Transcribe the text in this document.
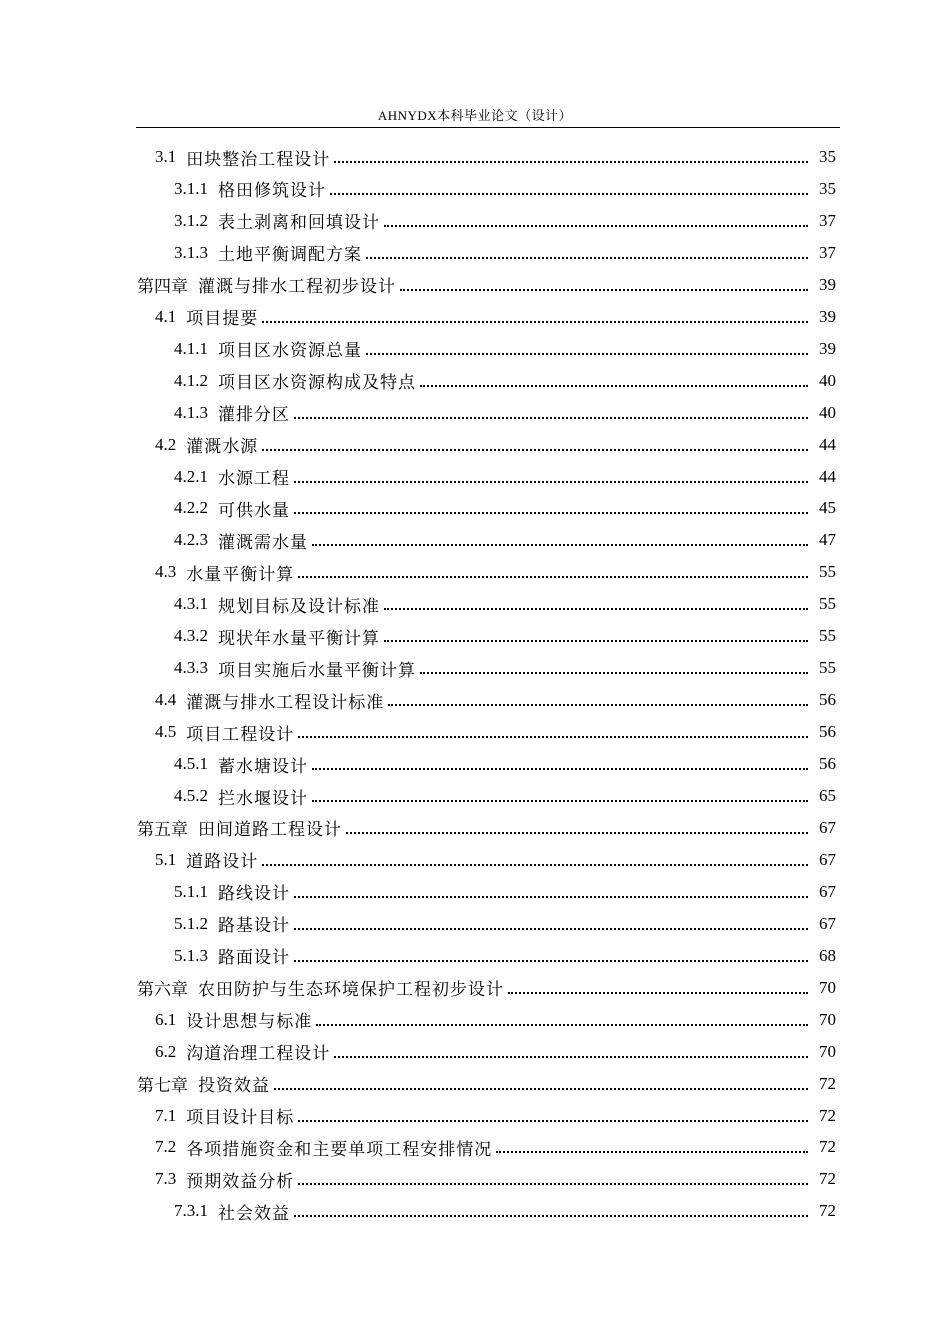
AHNYDX本科毕业论文（设计）
3.1 田块整治工程设计	35
3.1.1 格田修筑设计	35
3.1.2 表土剥离和回填设计	37
3.1.3 土地平衡调配方案	37
第四章 灌溉与排水工程初步设计	39
4.1 项目提要	39
4.1.1 项目区水资源总量	39
4.1.2 项目区水资源构成及特点	40
4.1.3 灌排分区	40
4.2 灌溉水源	44
4.2.1 水源工程	44
4.2.2 可供水量	45
4.2.3 灌溉需水量	47
4.3 水量平衡计算	55
4.3.1 规划目标及设计标准	55
4.3.2 现状年水量平衡计算	55
4.3.3 项目实施后水量平衡计算	55
4.4 灌溉与排水工程设计标准	56
4.5 项目工程设计	56
4.5.1 蓄水塘设计	56
4.5.2 拦水堰设计	65
第五章 田间道路工程设计	67
5.1 道路设计	67
5.1.1 路线设计	67
5.1.2 路基设计	67
5.1.3 路面设计	68
第六章 农田防护与生态环境保护工程初步设计	70
6.1 设计思想与标准	70
6.2 沟道治理工程设计	70
第七章 投资效益	72
7.1 项目设计目标	72
7.2 各项措施资金和主要单项工程安排情况	72
7.3 预期效益分析	72
7.3.1 社会效益	72
